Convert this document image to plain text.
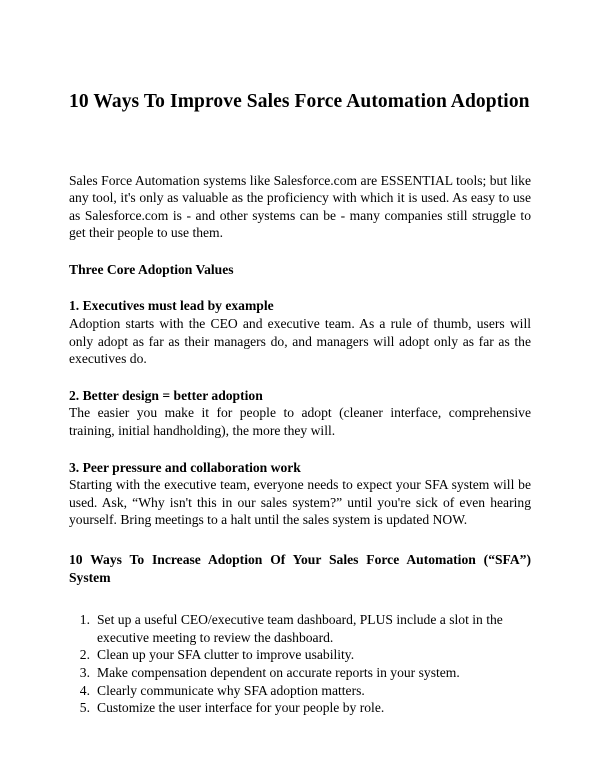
10 Ways To Improve Sales Force Automation Adoption

Sales Force Automation systems like Salesforce.com are ESSENTIAL tools; but like any tool, it's only as valuable as the proficiency with which it is used. As easy to use as Salesforce.com is - and other systems can be - many companies still struggle to get their people to use them.

Three Core Adoption Values
1. Executives must lead by example

Adoption starts with the CEO and executive team. As a rule of thumb, users will only adopt as far as their managers do, and managers will adopt only as far as the executives do.

2. Better design = better adoption

The easier you make it for people to adopt (cleaner interface, comprehensive training, initial handholding), the more they will.

3. Peer pressure and collaboration work

Starting with the executive team, everyone needs to expect your SFA system will be used. Ask, “Why isn't this in our sales system?” until you're sick of even hearing yourself. Bring meetings to a halt until the sales system is updated NOW.

10 Ways To Increase Adoption Of Your Sales Force Automation (“SFA”) System
1. Set up a useful CEO/executive team dashboard, PLUS include a slot in the executive meeting to review the dashboard.
2. Clean up your SFA clutter to improve usability.
3. Make compensation dependent on accurate reports in your system.
4. Clearly communicate why SFA adoption matters.
5. Customize the user interface for your people by role.
